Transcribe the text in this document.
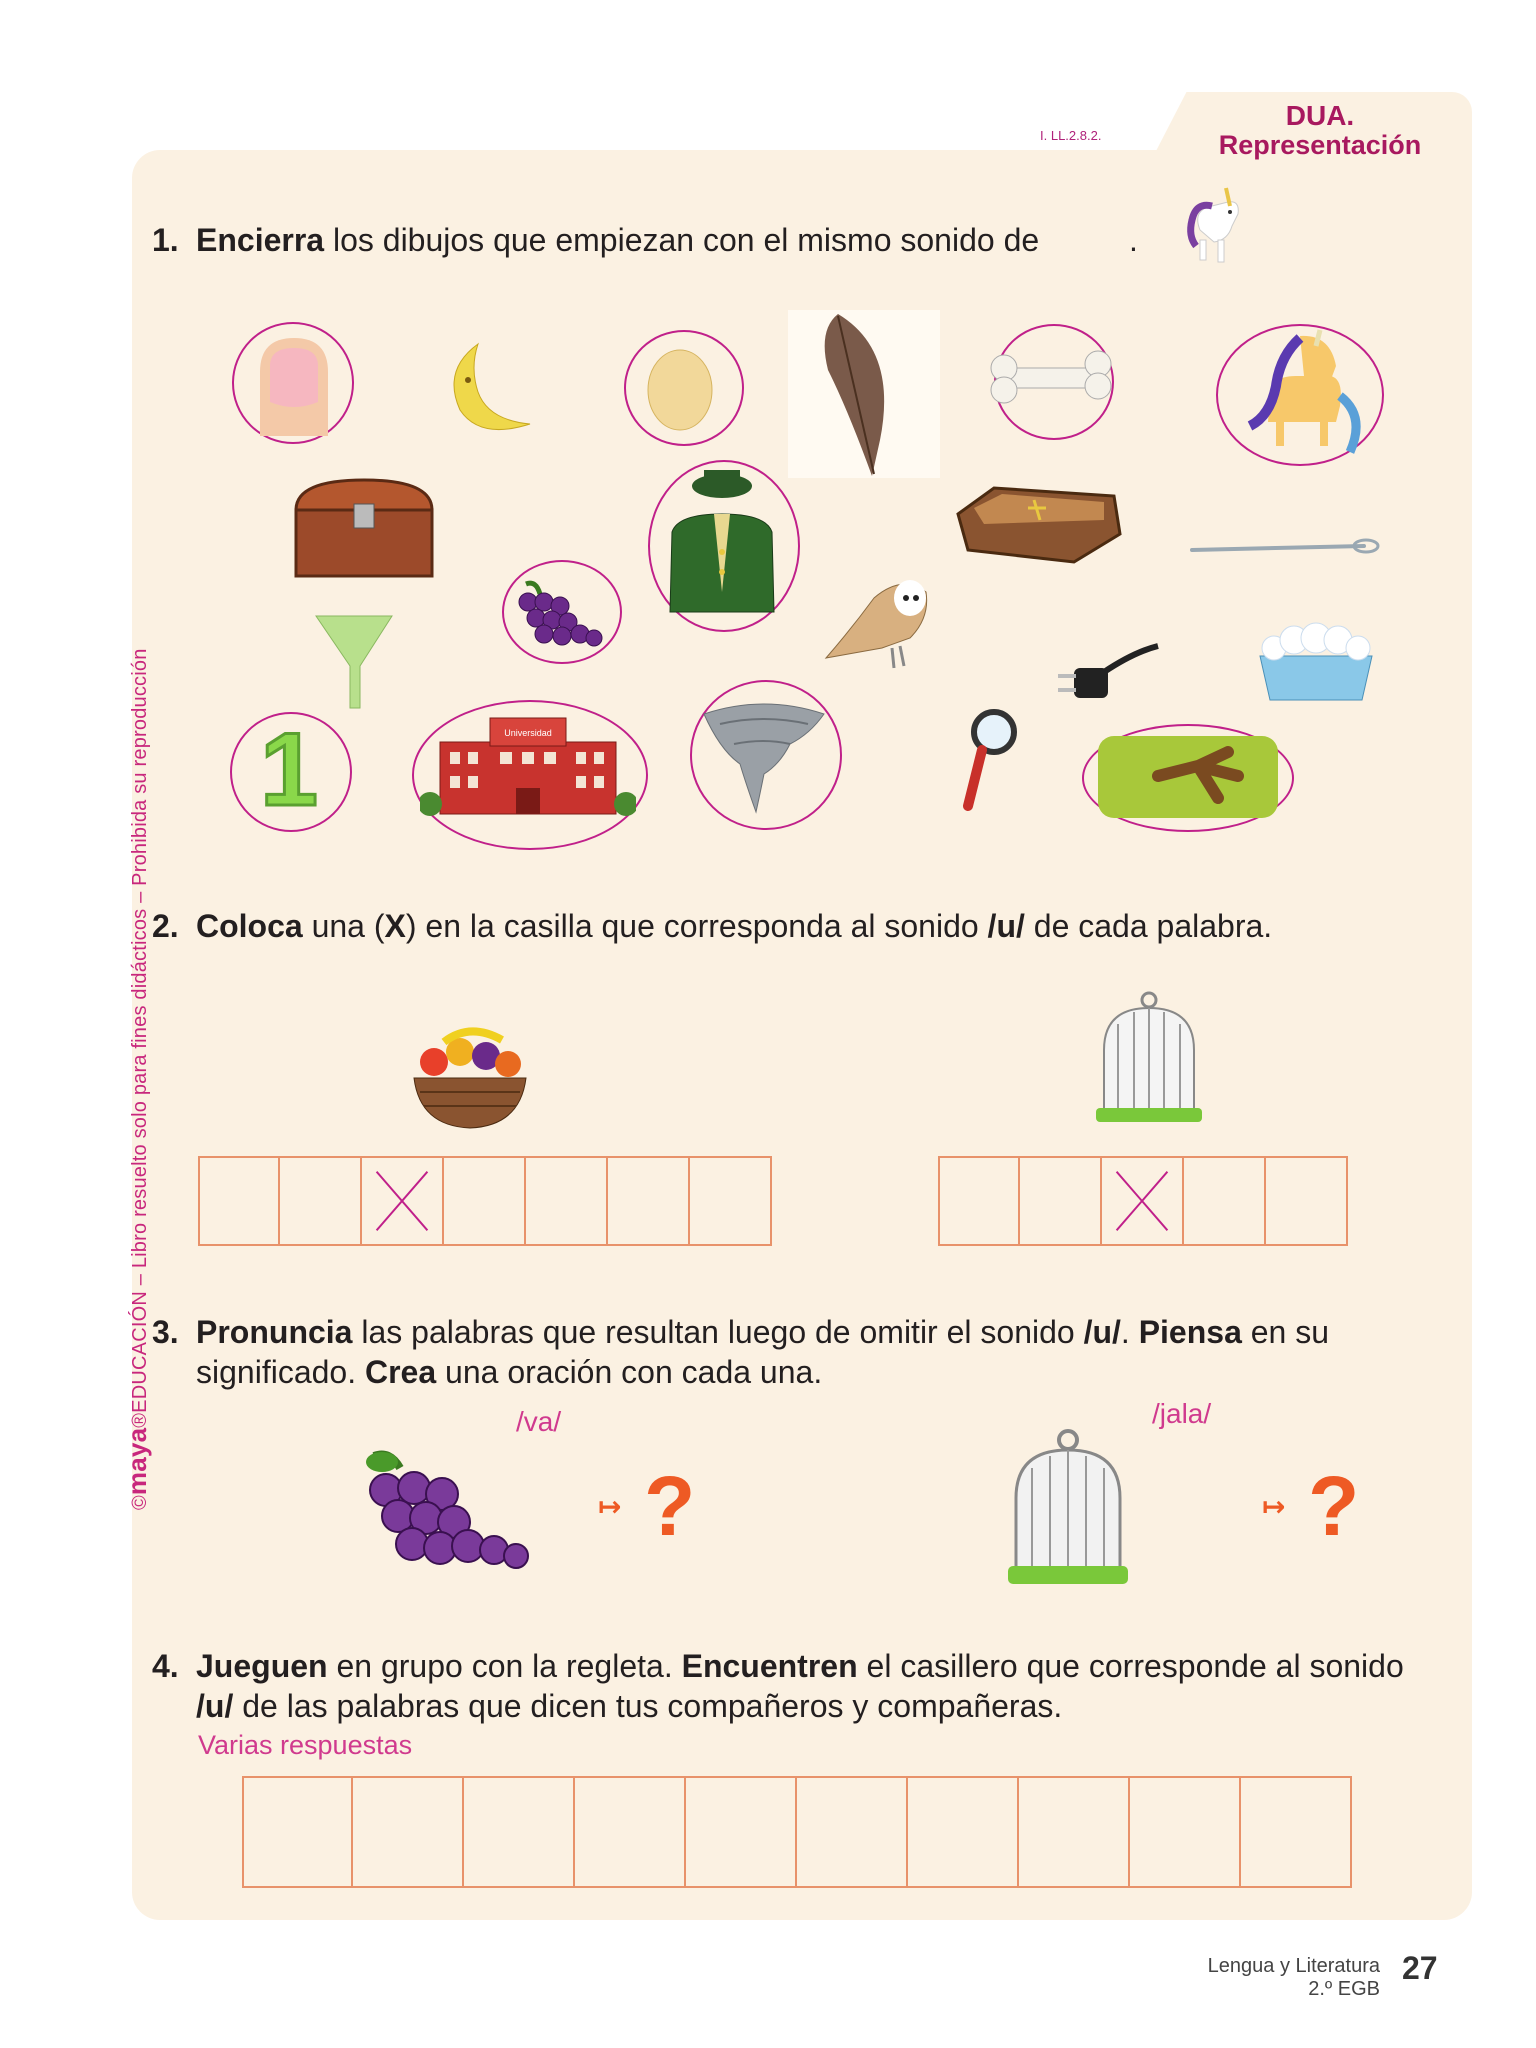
I. LL.2.8.2.
DUA.
Representación
©maya®EDUCACIÓN – Libro resuelto solo para fines didácticos – Prohibida su reproducción
1. Encierra los dibujos que empiezan con el mismo sonido de	.
1	Universidad
2. Coloca una (X) en la casilla que corresponda al sonido /u/ de cada palabra.
3. Pronuncia las palabras que resultan luego de omitir el sonido /u/. Piensa en su significado. Crea una oración con cada una.
/va/	/jala/
↦ ?	↦ ?
4. Jueguen en grupo con la regleta. Encuentren el casillero que corresponde al sonido /u/ de las palabras que dicen tus compañeros y compañeras.
Varias respuestas
Lengua y Literatura
2.º EGB
27
